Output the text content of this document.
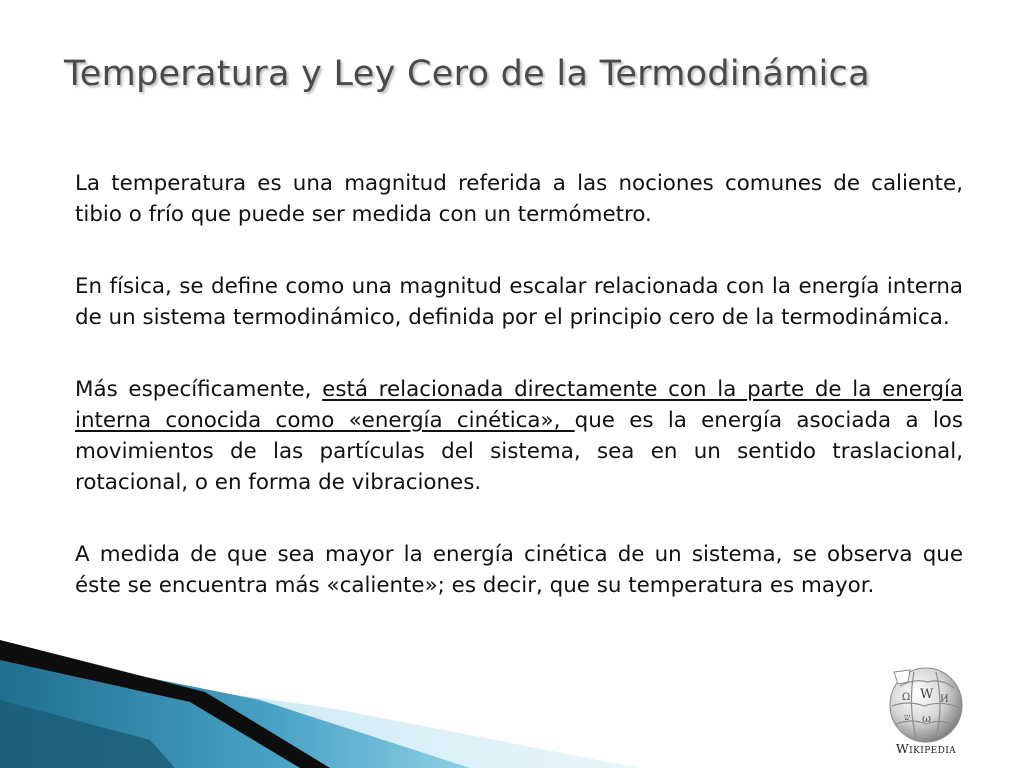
Temperatura y Ley Cero de la Termodinámica

La temperatura es una magnitud referida a las nociones comunes de caliente, tibio o frío que puede ser medida con un termómetro.

En física, se define como una magnitud escalar relacionada con la energía interna de un sistema termodinámico, definida por el principio cero de la termodinámica.

Más específicamente, está relacionada directamente con la parte de la energía interna conocida como «energía cinética», que es la energía asociada a los movimientos de las partículas del sistema, sea en un sentido traslacional, rotacional, o en forma de vibraciones.

A medida de que sea mayor la energía cinética de un sistema, se observa que éste se encuentra más «caliente»; es decir, que su temperatura es mayor.

W
Ω	И
ω
ש
Wikipedia
